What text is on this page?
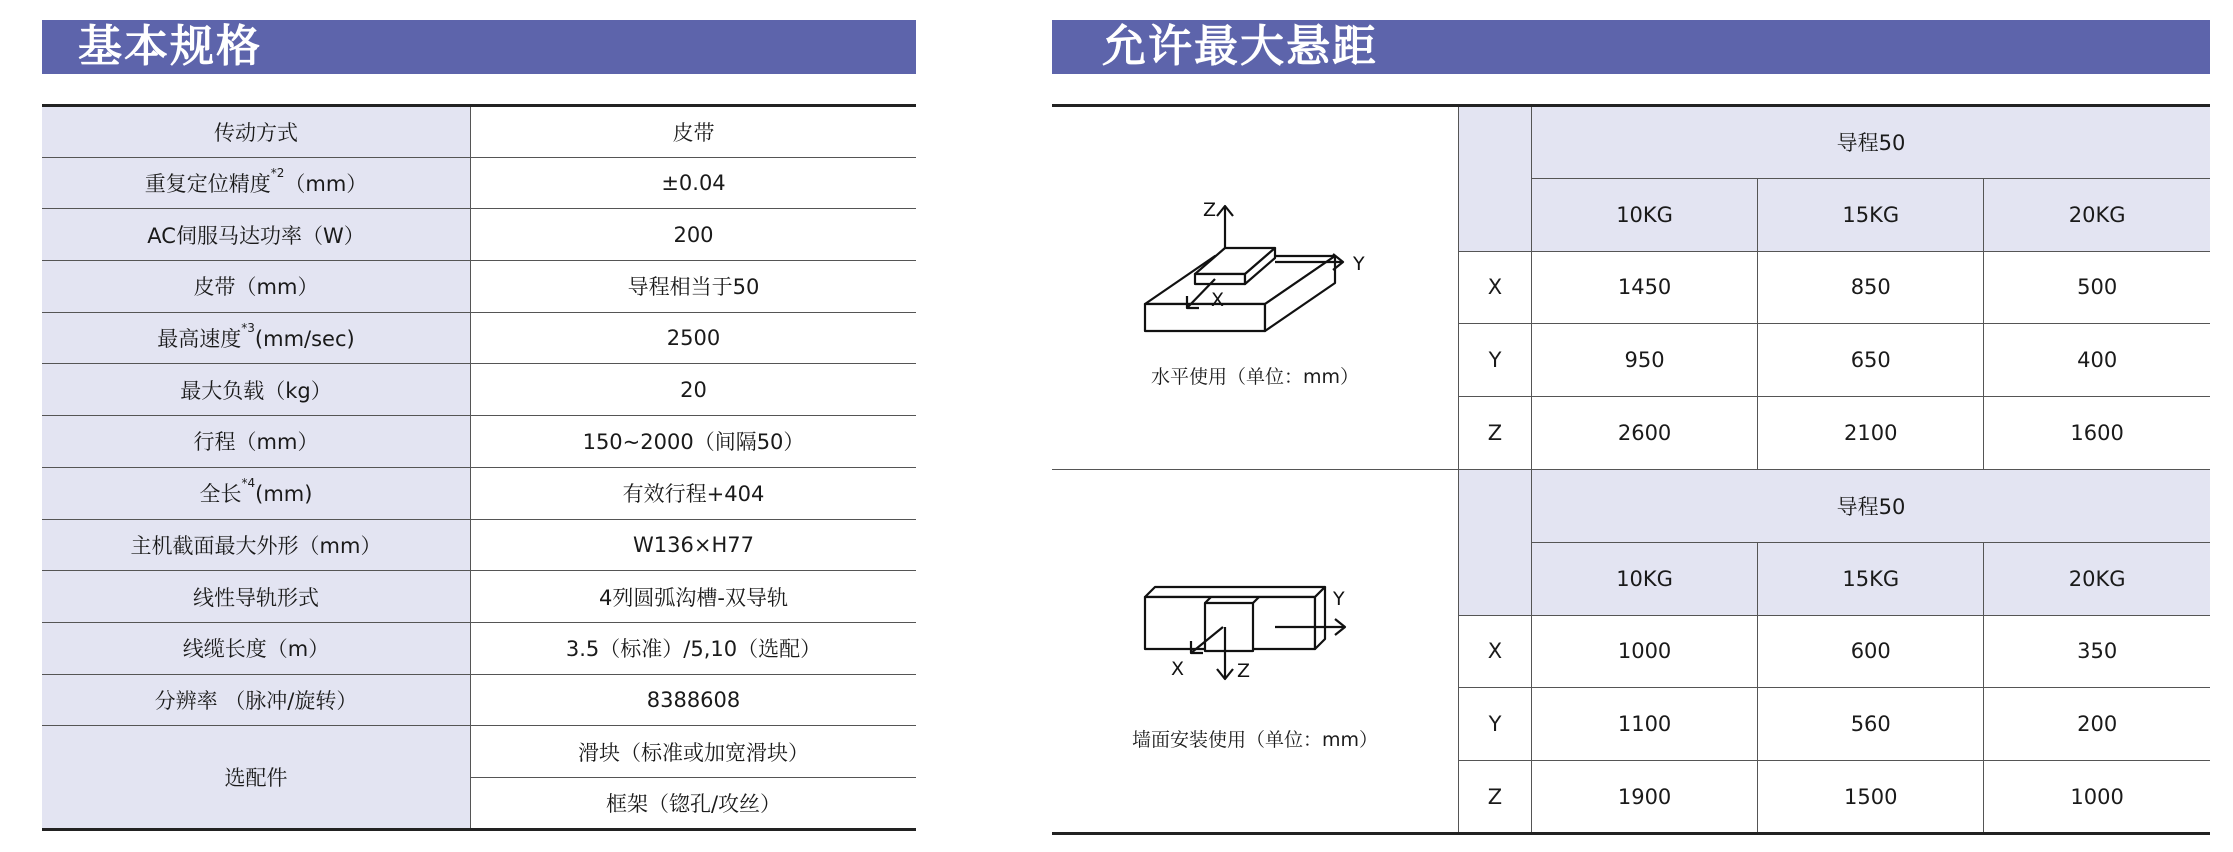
基本规格	允许最大悬距
传动方式	皮带
重复定位精度$^{*2}$（mm）	±0.04
AC伺服马达功率（W）	200
皮带（mm）	导程相当于50
最高速度$^{*3}$(mm/sec)	2500
最大负载（kg）	20
行程（mm）	150~2000（间隔50）
全长$^{*4}$(mm)	有效行程+404
主机截面最大外形（mm）	W136×H77
线性导轨形式	4列圆弧沟槽-双导轨
线缆长度（m）	3.5（标准）/5,10（选配）
分辨率 （脉冲/旋转）	8388608
选配件	滑块（标准或加宽滑块）
	框架（锪孔/攻丝）
Z
Y
X
水平使用（单位：mm）		导程50		
		10KG	15KG	20KG
	X	1450	850	500
	Y	950	650	400
	Z	2600	2100	1600

Y
X Z
墙面安装使用（单位：mm）		导程50		
		10KG	15KG	20KG
	X	1000	600	350
	Y	1100	560	200
	Z	1900	1500	1000
